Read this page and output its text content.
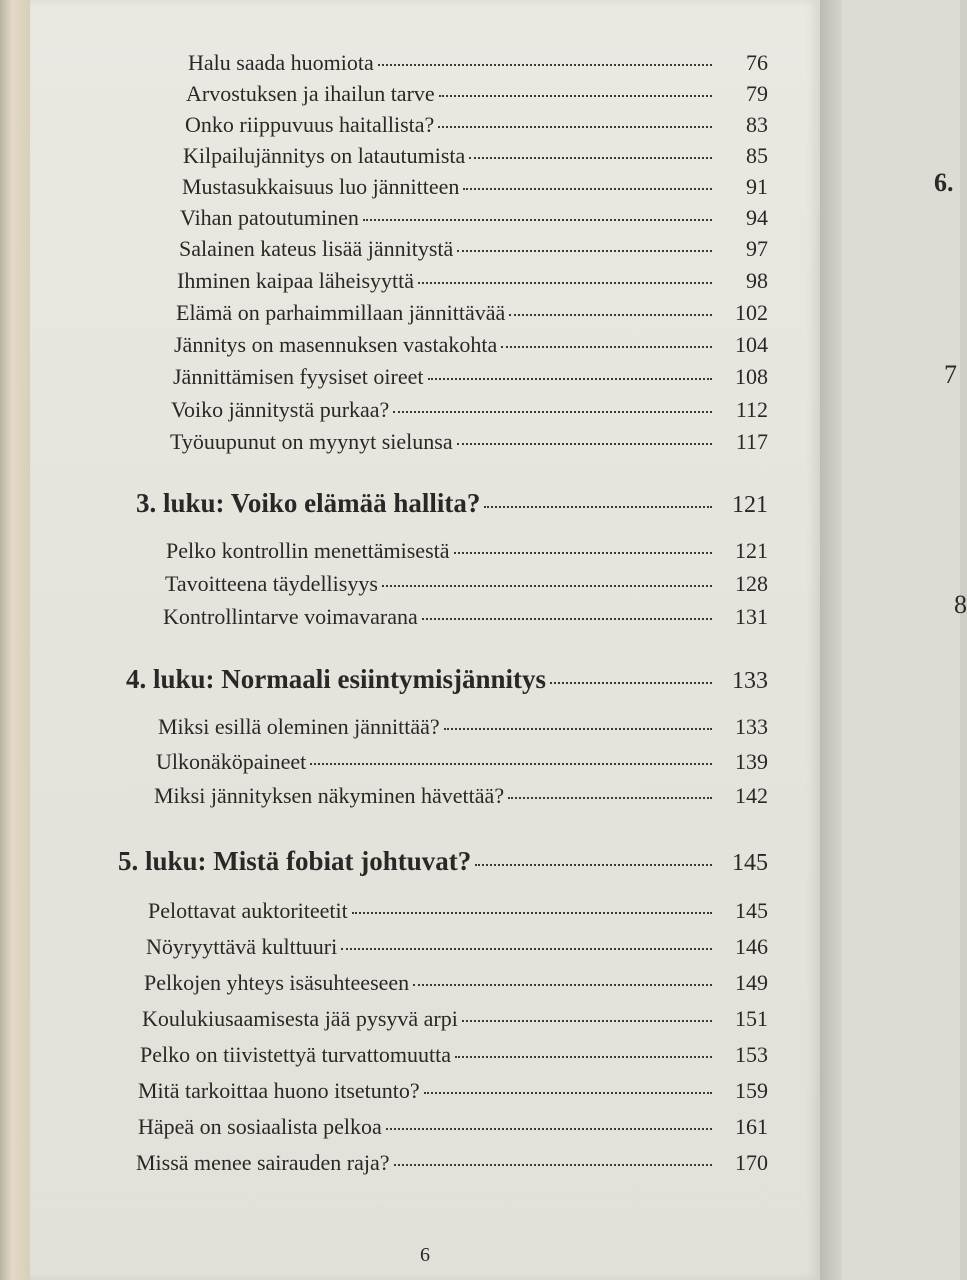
Halu saada huomiota	76
Arvostuksen ja ihailun tarve	79
Onko riippuvuus haitallista?	83
Kilpailujännitys on latautumista	85
Mustasukkaisuus luo jännitteen	91
Vihan patoutuminen	94
Salainen kateus lisää jännitystä	97
Ihminen kaipaa läheisyyttä	98
Elämä on parhaimmillaan jännittävää	102
Jännitys on masennuksen vastakohta	104
Jännittämisen fyysiset oireet	108
Voiko jännitystä purkaa?	112
Työuupunut on myynyt sielunsa	117
3. luku: Voiko elämää hallita?	121
Pelko kontrollin menettämisestä	121
Tavoitteena täydellisyys	128
Kontrollintarve voimavarana	131
4. luku: Normaali esiintymisjännitys	133
Miksi esillä oleminen jännittää?	133
Ulkonäköpaineet	139
Miksi jännityksen näkyminen hävettää?	142
5. luku: Mistä fobiat johtuvat?	145
Pelottavat auktoriteetit	145
Nöyryyttävä kulttuuri	146
Pelkojen yhteys isäsuhteeseen	149
Koulukiusaamisesta jää pysyvä arpi	151
Pelko on tiivistettyä turvattomuutta	153
Mitä tarkoittaa huono itsetunto?	159
Häpeä on sosiaalista pelkoa	161
Missä menee sairauden raja?	170
6
6.
7
8
